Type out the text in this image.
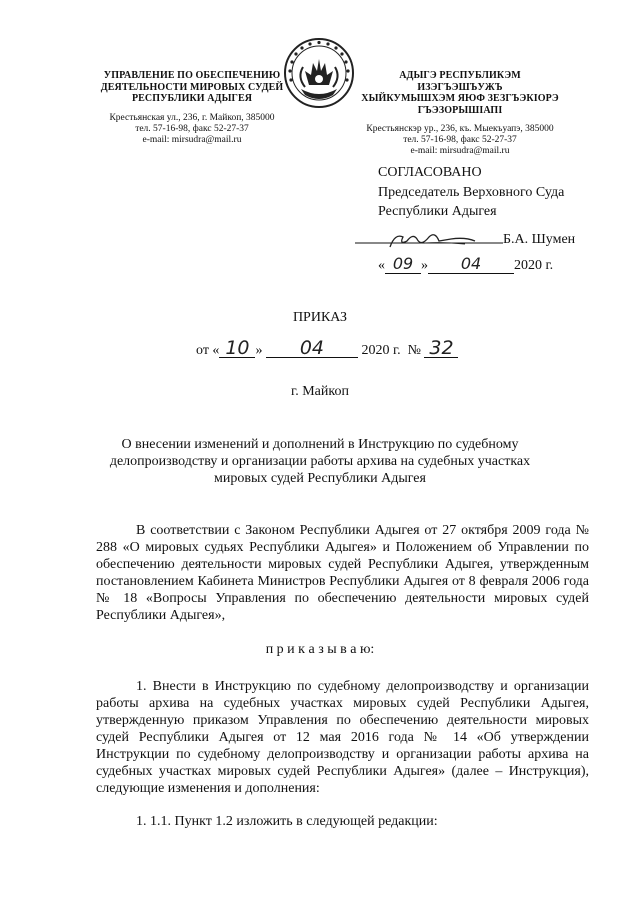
УПРАВЛЕНИЕ ПО ОБЕСПЕЧЕНИЮ
ДЕЯТЕЛЬНОСТИ МИРОВЫХ СУДЕЙ
РЕСПУБЛИКИ АДЫГЕЯ
Крестьянская ул., 236, г. Майкоп, 385000
тел. 57-16-98, факс 52-27-37
e-mail: mirsudra@mail.ru
АДЫГЭ РЕСПУБЛИКЭМ ИЗЭГЪЭШЪУЖЪ
ХЫЙКУМЫШХЭМ ЯЮФ ЗЕЗГЪЭКІОРЭ
ГЪЭЗОРЫШІАПІ
Крестьянскэр ур., 236, къ. Мыекъуапэ, 385000
тел. 57-16-98, факс 52-27-37
e-mail: mirsudra@mail.ru
СОГЛАСОВАНО
Председатель Верховного Суда
Республики Адыгея
Б.А. Шумен
« 09 » 04 2020 г.
ПРИКАЗ
от « 10 » 04	2020 г. № 32
г. Майкоп
О внесении изменений и дополнений в Инструкцию по судебному
делопроизводству и организации работы архива на судебных участках
мировых судей Республики Адыгея
В соответствии с Законом Республики Адыгея от 27 октября 2009 года № 288 «О мировых судьях Республики Адыгея» и Положением об Управлении по обеспечению деятельности мировых судей Республики Адыгея, утвержденным постановлением Кабинета Министров Республики Адыгея от 8 февраля 2006 года № 18 «Вопросы Управления по обеспечению деятельности мировых судей Республики Адыгея»,
п р и к а з ы в а ю:
1. Внести в Инструкцию по судебному делопроизводству и организации работы архива на судебных участках мировых судей Республики Адыгея, утвержденную приказом Управления по обеспечению деятельности мировых судей Республики Адыгея от 12 мая 2016 года № 14 «Об утверждении Инструкции по судебному делопроизводству и организации работы архива на судебных участках мировых судей Республики Адыгея» (далее – Инструкция), следующие изменения и дополнения:
1. 1.1. Пункт 1.2 изложить в следующей редакции:
